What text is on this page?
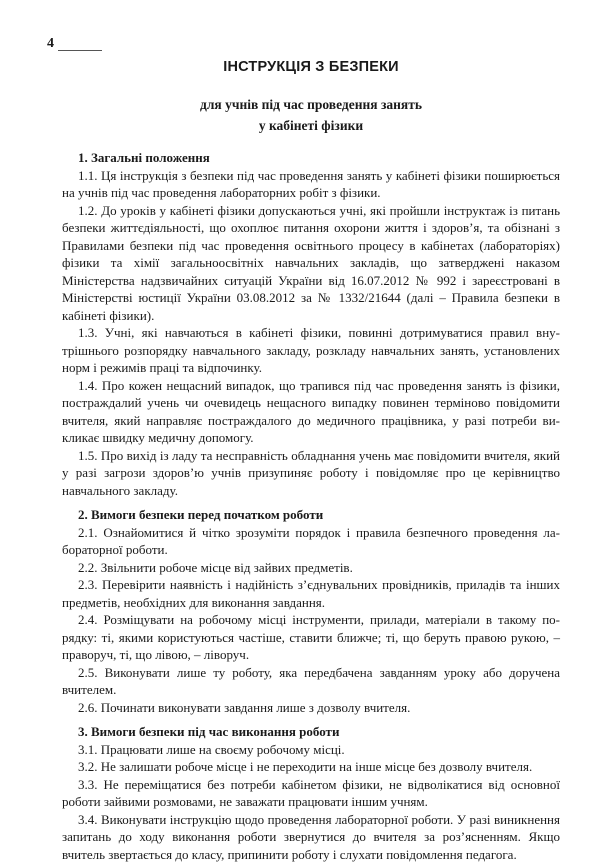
4
ІНСТРУКЦІЯ З БЕЗПЕКИ
для учнів під час проведення занять
у кабінеті фізики

1. Загальні положення

1.1. Ця інструкція з безпеки під час проведення занять у кабінеті фізики поширюється на учнів під час проведення лабораторних робіт з фізики.

1.2. До уроків у кабінеті фізики допускаються учні, які пройшли інструктаж із питань безпеки життєдіяльності, що охоплює питання охорони життя і здоров’я, та обізнані з Правилами безпеки під час проведення освітнього процесу в кабінетах (лабораторіях) фізики та хімії загальноосвітніх навчальних закладів, що затверджені наказом Міністерства надзвичайних ситуацій України від 16.07.2012 № 992 і зареєстровані в Міністерстві юстиції України 03.08.2012 за № 1332/21644 (далі – Правила безпеки в кабінеті фізики).

1.3. Учні, які навчаються в кабінеті фізики, повинні дотримуватися правил внутрішнього розпорядку навчального закладу, розкладу навчальних занять, установлених норм і режимів праці та відпочинку.

1.4. Про кожен нещасний випадок, що трапився під час проведення занять із фізики, постраждалий учень чи очевидець нещасного випадку повинен терміново повідомити вчителя, який направляє постраждалого до медичного працівника, у разі потреби викликає швидку медичну допомогу.

1.5. Про вихід із ладу та несправність обладнання учень має повідомити вчителя, який у разі загрози здоров’ю учнів призупиняє роботу і повідомляє про це керівництво навчального закладу.

2. Вимоги безпеки перед початком роботи

2.1. Ознайомитися й чітко зрозуміти порядок і правила безпечного проведення лабораторної роботи.

2.2. Звільнити робоче місце від зайвих предметів.

2.3. Перевірити наявність і надійність з’єднувальних провідників, приладів та інших предметів, необхідних для виконання завдання.

2.4. Розміщувати на робочому місці інструменти, прилади, матеріали в такому порядку: ті, якими користуються частіше, ставити ближче; ті, що беруть правою рукою, – праворуч, ті, що лівою, – ліворуч.

2.5. Виконувати лише ту роботу, яка передбачена завданням уроку або доручена вчителем.

2.6. Починати виконувати завдання лише з дозволу вчителя.

3. Вимоги безпеки під час виконання роботи

3.1. Працювати лише на своєму робочому місці.

3.2. Не залишати робоче місце і не переходити на інше місце без дозволу вчителя.

3.3. Не переміщатися без потреби кабінетом фізики, не відволікатися від основної роботи зайвими розмовами, не заважати працювати іншим учням.

3.4. Виконувати інструкцію щодо проведення лабораторної роботи. У разі виникнення запитань до ходу виконання роботи звернутися до вчителя за роз’ясненням. Якщо вчитель звертається до класу, припинити роботу і слухати повідомлення педагога.
